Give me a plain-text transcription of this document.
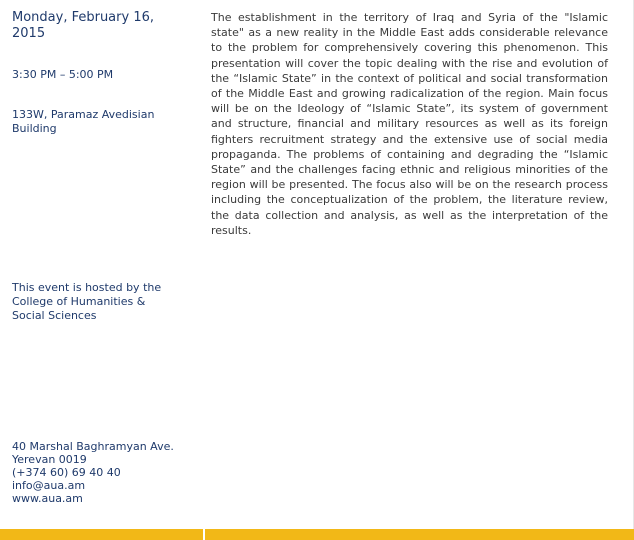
Monday, February 16, 2015
3:30 PM – 5:00 PM
133W, Paramaz Avedisian Building
This event is hosted by the College of Humanities & Social Sciences
40 Marshal Baghramyan Ave.
Yerevan 0019
(+374 60) 69 40 40
info@aua.am
www.aua.am
The establishment in the territory of Iraq and Syria of the "Islamic state" as a new reality in the Middle East adds considerable relevance to the problem for comprehensively covering this phenomenon. This presentation will cover the topic dealing with the rise and evolution of the “Islamic State” in the context of political and social transformation of the Middle East and growing radicalization of the region. Main focus will be on the Ideology of “Islamic State”, its system of government and structure, financial and military resources as well as its foreign fighters recruitment strategy and the extensive use of social media propaganda. The problems of containing and degrading the “Islamic State” and the challenges facing ethnic and religious minorities of the region will be presented. The focus also will be on the research process including the conceptualization of the problem, the literature review, the data collection and analysis, as well as the interpretation of the results.
